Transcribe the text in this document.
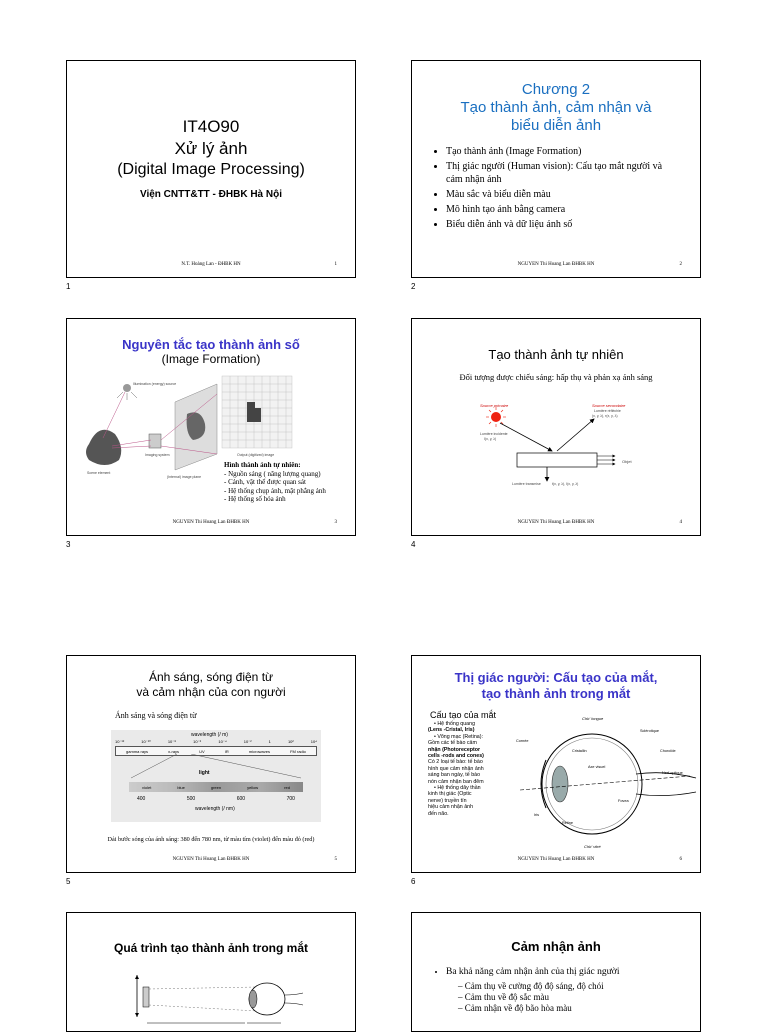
IT4O90
Xử lý ảnh
(Digital Image Processing)
Viện CNTT&TT - ĐHBK Hà Nội
N.T. Hoàng Lan - ĐHBK HN	1
1
Chương 2
Tạo thành ảnh, cảm nhận và
biểu diễn ảnh
• Tạo thành ảnh (Image Formation)
• Thị giác người (Human vision): Cấu tạo mắt người và cảm nhận ảnh
• Màu sắc và biểu diễn màu
• Mô hình tạo ảnh bằng camera
• Biểu diễn ảnh và dữ liệu ảnh số
NGUYEN Thi Hoang Lan ĐHBK HN	2
2
Nguyên tắc tạo thành ảnh số
(Image Formation)
Illumination (energy) source
Output (digitized) image
Imaging system
(Internal) image plane
Scene element
Hình thành ảnh tự nhiên:
- Nguồn sáng ( năng lượng quang)
- Cảnh, vật thể được quan sát
- Hệ thống chụp ảnh, mặt phẳng ảnh
- Hệ thống số hóa ảnh
NGUYEN Thi Hoang Lan ĐHBK HN	3
3
Tạo thành ảnh tự nhiên
Đối tượng được chiếu sáng: hấp thụ và phản xạ ánh sáng
Source primaire	Source secondaire
Lumière réfléchie
(x, y, λ), r(x, y, λ)
Lumière incidente
I(x, y, λ)
Objet
Lumière transmise	t(x, y, λ), I(x, y, λ)
NGUYEN Thi Hoang Lan ĐHBK HN	4
4
Ánh sáng, sóng điện từ
và cảm nhận của con người
Ánh sáng và sóng điện từ
wavelength (/ m)
10⁻¹²	10⁻¹⁰	10⁻⁸	10⁻⁶	10⁻⁴	10⁻²	1	10²	10⁴
gamma rays	x-rays	UV	IR	microwaves	FM radio
light
violet	blue	green	yellow	red
400	500	600	700
wavelength (/ nm)
Dải bước sóng của ánh sáng: 380 đến 780 nm, từ màu tím (violet) đến màu đỏ (red)
NGUYEN Thi Hoang Lan ĐHBK HN	5
5
Thị giác người: Cấu tạo của mắt,
tạo thành ảnh trong mắt
Cấu tạo của mắt
• Hệ thống quang
(Lens -Cristal, Iris)
• Võng mạc (Retina):
Gồm các tế bào cảm
nhận (Photoreceptor
cells -rods and cones)
Có 2 loại tế bào: tế bào
hình que cảm nhận ảnh
sáng ban ngày, tế bào
nón cảm nhận ban đêm
• Hệ thống dây thần
kinh thị giác (Optic
nerve) truyền tín
hiệu cảm nhận ảnh
đến não.
Chb' longue
Sclérotique
Cornée
Choroïde
Cristallin
Axe visuel
Nerf optique
Iris
Fovea
Rétine
Chb' vitré
NGUYEN Thi Hoang Lan ĐHBK HN	6
6
Quá trình tạo thành ảnh trong mắt	Cảm nhận ảnh
• Ba khả năng cảm nhận ảnh của thị giác người
– Cảm thụ về cường độ độ sáng, độ chói
– Cảm thu về độ sắc màu
– Cảm nhận về độ bão hòa màu
